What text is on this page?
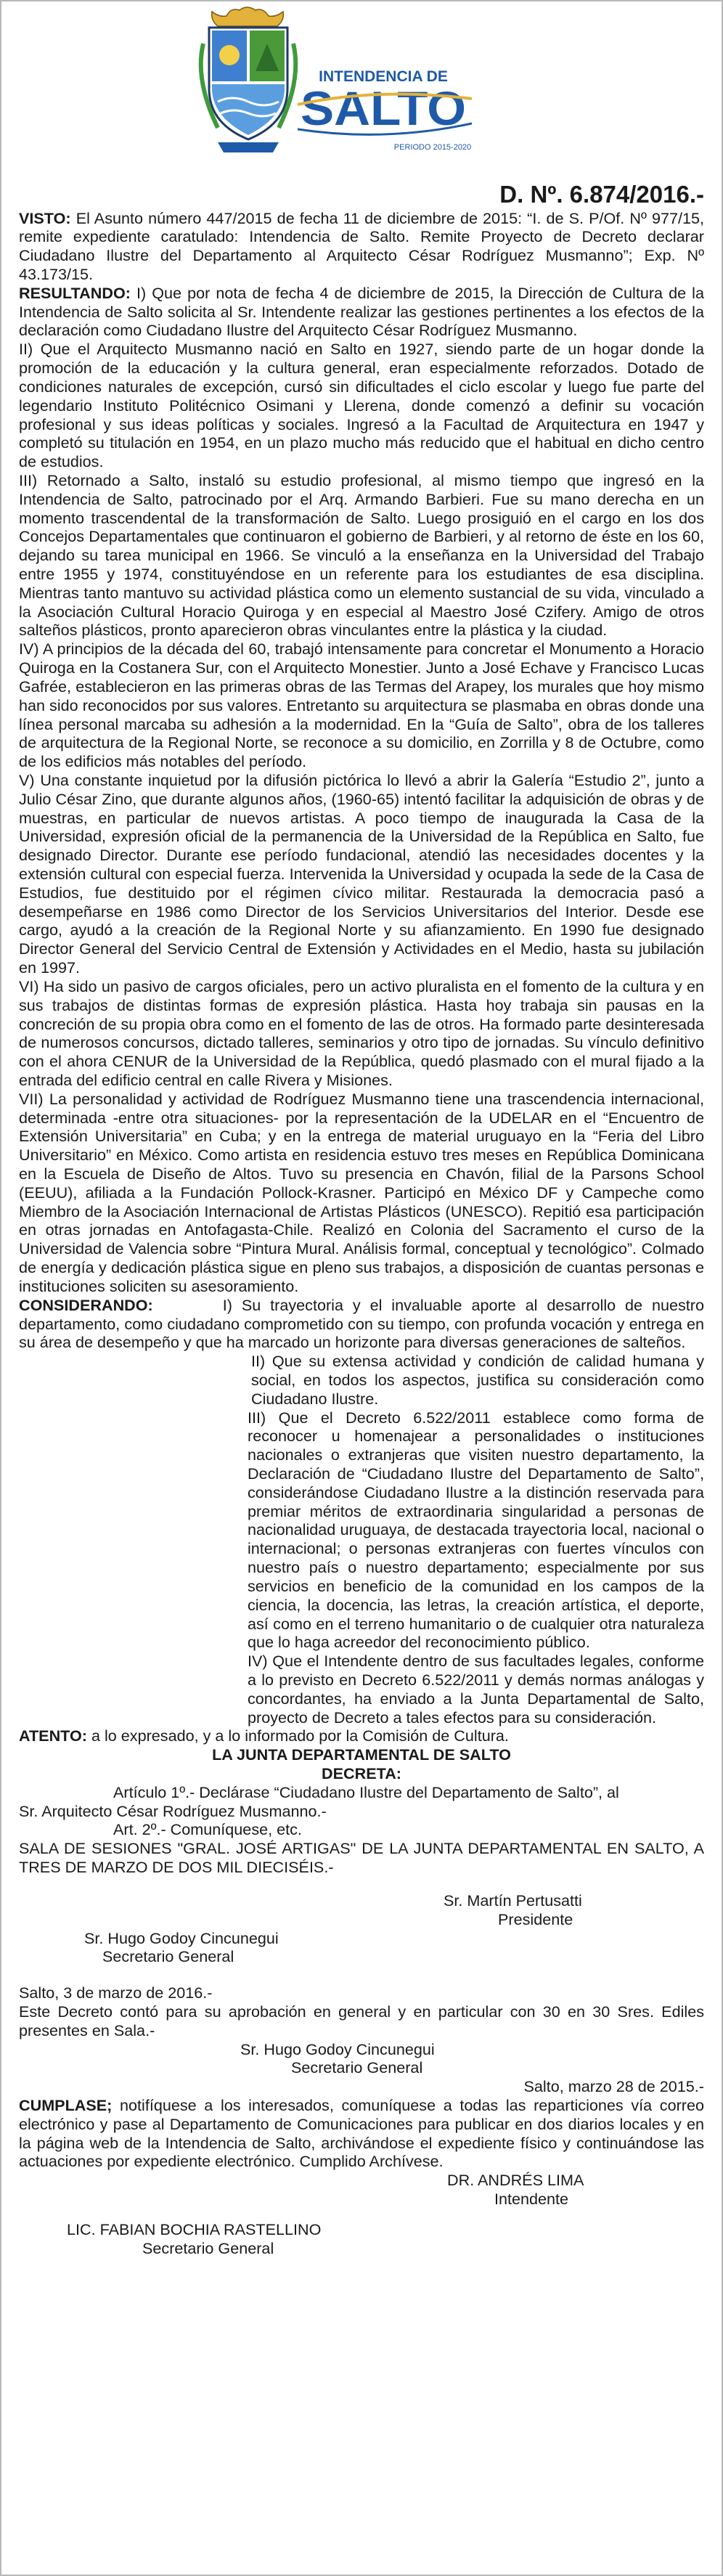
INTENDENCIA DE
SALTO
PERIODO 2015-2020

D. Nº. 6.874/2016.-

VISTO: El Asunto número 447/2015 de fecha 11 de diciembre de 2015: “I. de S. P/Of. Nº 977/15, remite expediente caratulado: Intendencia de Salto. Remite Proyecto de Decreto declarar Ciudadano Ilustre del Departamento al Arquitecto César Rodríguez Musmanno”; Exp. Nº 43.173/15.

RESULTANDO: I) Que por nota de fecha 4 de diciembre de 2015, la Dirección de Cultura de la Intendencia de Salto solicita al Sr. Intendente realizar las gestiones pertinentes a los efectos de la declaración como Ciudadano Ilustre del Arquitecto César Rodríguez Musmanno.

II) Que el Arquitecto Musmanno nació en Salto en 1927, siendo parte de un hogar donde la promoción de la educación y la cultura general, eran especialmente reforzados. Dotado de condiciones naturales de excepción, cursó sin dificultades el ciclo escolar y luego fue parte del legendario Instituto Politécnico Osimani y Llerena, donde comenzó a definir su vocación profesional y sus ideas políticas y sociales. Ingresó a la Facultad de Arquitectura en 1947 y completó su titulación en 1954, en un plazo mucho más reducido que el habitual en dicho centro de estudios.

III) Retornado a Salto, instaló su estudio profesional, al mismo tiempo que ingresó en la Intendencia de Salto, patrocinado por el Arq. Armando Barbieri. Fue su mano derecha en un momento trascendental de la transformación de Salto. Luego prosiguió en el cargo en los dos Concejos Departamentales que continuaron el gobierno de Barbieri, y al retorno de éste en los 60, dejando su tarea municipal en 1966. Se vinculó a la enseñanza en la Universidad del Trabajo entre 1955 y 1974, constituyéndose en un referente para los estudiantes de esa disciplina. Mientras tanto mantuvo su actividad plástica como un elemento sustancial de su vida, vinculado a la Asociación Cultural Horacio Quiroga y en especial al Maestro José Czifery. Amigo de otros salteños plásticos, pronto aparecieron obras vinculantes entre la plástica y la ciudad.

IV) A principios de la década del 60, trabajó intensamente para concretar el Monumento a Horacio Quiroga en la Costanera Sur, con el Arquitecto Monestier. Junto a José Echave y Francisco Lucas Gafrée, establecieron en las primeras obras de las Termas del Arapey, los murales que hoy mismo han sido reconocidos por sus valores. Entretanto su arquitectura se plasmaba en obras donde una línea personal marcaba su adhesión a la modernidad. En la “Guía de Salto”, obra de los talleres de arquitectura de la Regional Norte, se reconoce a su domicilio, en Zorrilla y 8 de Octubre, como de los edificios más notables del período.

V) Una constante inquietud por la difusión pictórica lo llevó a abrir la Galería “Estudio 2”, junto a Julio César Zino, que durante algunos años, (1960-65) intentó facilitar la adquisición de obras y de muestras, en particular de nuevos artistas. A poco tiempo de inaugurada la Casa de la Universidad, expresión oficial de la permanencia de la Universidad de la República en Salto, fue designado Director. Durante ese período fundacional, atendió las necesidades docentes y la extensión cultural con especial fuerza. Intervenida la Universidad y ocupada la sede de la Casa de Estudios, fue destituido por el régimen cívico militar. Restaurada la democracia pasó a desempeñarse en 1986 como Director de los Servicios Universitarios del Interior. Desde ese cargo, ayudó a la creación de la Regional Norte y su afianzamiento. En 1990 fue designado Director General del Servicio Central de Extensión y Actividades en el Medio, hasta su jubilación en 1997.

VI) Ha sido un pasivo de cargos oficiales, pero un activo pluralista en el fomento de la cultura y en sus trabajos de distintas formas de expresión plástica. Hasta hoy trabaja sin pausas en la concreción de su propia obra como en el fomento de las de otros. Ha formado parte desinteresada de numerosos concursos, dictado talleres, seminarios y otro tipo de jornadas. Su vínculo definitivo con el ahora CENUR de la Universidad de la República, quedó plasmado con el mural fijado a la entrada del edificio central en calle Rivera y Misiones.

VII) La personalidad y actividad de Rodríguez Musmanno tiene una trascendencia internacional, determinada -entre otra situaciones- por la representación de la UDELAR en el “Encuentro de Extensión Universitaria” en Cuba; y en la entrega de material uruguayo en la “Feria del Libro Universitario” en México. Como artista en residencia estuvo tres meses en República Dominicana en la Escuela de Diseño de Altos. Tuvo su presencia en Chavón, filial de la Parsons School (EEUU), afiliada a la Fundación Pollock-Krasner. Participó en México DF y Campeche como Miembro de la Asociación Internacional de Artistas Plásticos (UNESCO). Repitió esa participación en otras jornadas en Antofagasta-Chile. Realizó en Colonia del Sacramento el curso de la Universidad de Valencia sobre “Pintura Mural. Análisis formal, conceptual y tecnológico”. Colmado de energía y dedicación plástica sigue en pleno sus trabajos, a disposición de cuantas personas e instituciones soliciten su asesoramiento.

CONSIDERANDO:	I) Su trayectoria y el invaluable aporte al desarrollo de nuestro departamento, como ciudadano comprometido con su tiempo, con profunda vocación y entrega en su área de desempeño y que ha marcado un horizonte para diversas generaciones de salteños.

II) Que su extensa actividad y condición de calidad humana y social, en todos los aspectos, justifica su consideración como Ciudadano Ilustre.

III) Que el Decreto 6.522/2011 establece como forma de reconocer u homenajear a personalidades o instituciones nacionales o extranjeras que visiten nuestro departamento, la Declaración de “Ciudadano Ilustre del Departamento de Salto”, considerándose Ciudadano Ilustre a la distinción reservada para premiar méritos de extraordinaria singularidad a personas de nacionalidad uruguaya, de destacada trayectoria local, nacional o internacional; o personas extranjeras con fuertes vínculos con nuestro país o nuestro departamento; especialmente por sus servicios en beneficio de la comunidad en los campos de la ciencia, la docencia, las letras, la creación artística, el deporte, así como en el terreno humanitario o de cualquier otra naturaleza que lo haga acreedor del reconocimiento público.

IV) Que el Intendente dentro de sus facultades legales, conforme a lo previsto en Decreto 6.522/2011 y demás normas análogas y concordantes, ha enviado a la Junta Departamental de Salto, proyecto de Decreto a tales efectos para su consideración.

ATENTO: a lo expresado, y a lo informado por la Comisión de Cultura.

LA JUNTA DEPARTAMENTAL DE SALTO

DECRETA:

Artículo 1º.- Declárase “Ciudadano Ilustre del Departamento de Salto”, al
Sr. Arquitecto César Rodríguez Musmanno.-

Art. 2º.- Comuníquese, etc.

SALA DE SESIONES "GRAL. JOSÉ ARTIGAS" DE LA JUNTA DEPARTAMENTAL EN SALTO, A TRES DE MARZO DE DOS MIL DIECISÉIS.-

Sr. Martín Pertusatti

Presidente

Sr. Hugo Godoy Cincunegui

Secretario General

Salto, 3 de marzo de 2016.-

Este Decreto contó para su aprobación en general y en particular con 30 en 30 Sres. Ediles presentes en Sala.-

Sr. Hugo Godoy Cincunegui

Secretario General

Salto, marzo 28 de 2015.-

CUMPLASE; notifíquese a los interesados, comuníquese a todas las reparticiones vía correo electrónico y pase al Departamento de Comunicaciones para publicar en dos diarios locales y en la página web de la Intendencia de Salto, archivándose el expediente físico y continuándose las actuaciones por expediente electrónico. Cumplido Archívese.

DR. ANDRÉS LIMA

Intendente

LIC. FABIAN BOCHIA RASTELLINO

Secretario General
